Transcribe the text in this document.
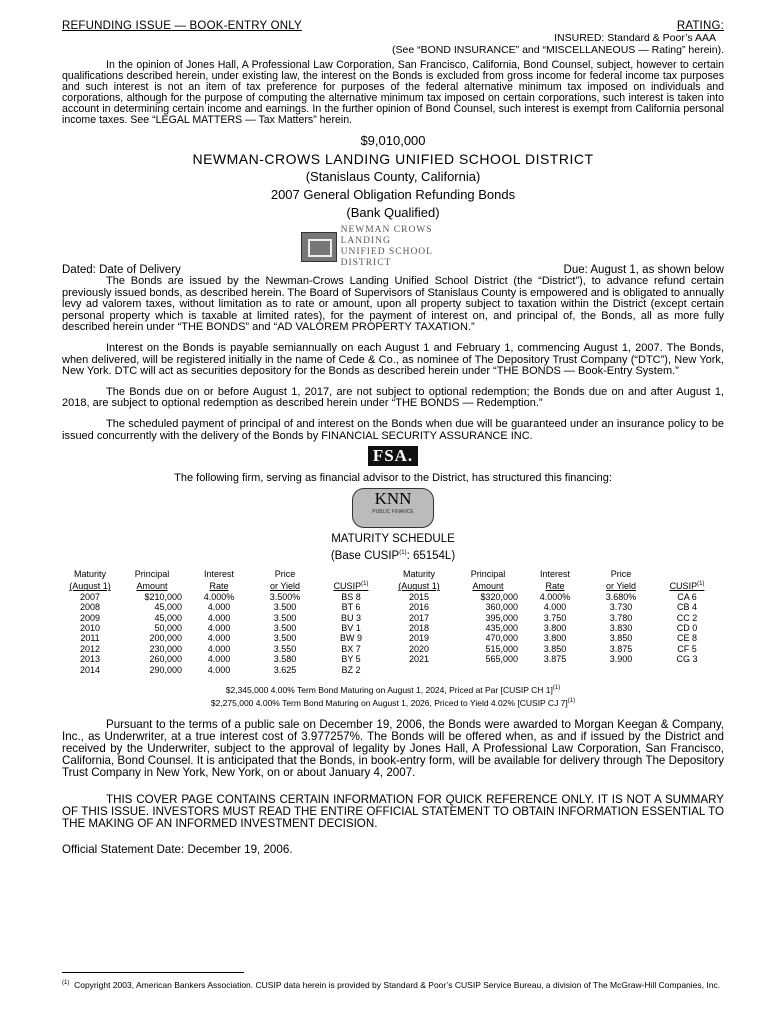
REFUNDING ISSUE — BOOK-ENTRY ONLY	RATING:
INSURED: Standard & Poor’s AAA
(See “BOND INSURANCE” and “MISCELLANEOUS — Rating” herein).

In the opinion of Jones Hall, A Professional Law Corporation, San Francisco, California, Bond Counsel, subject, however to certain qualifications described herein, under existing law, the interest on the Bonds is excluded from gross income for federal income tax purposes and such interest is not an item of tax preference for purposes of the federal alternative minimum tax imposed on individuals and corporations, although for the purpose of computing the alternative minimum tax imposed on certain corporations, such interest is taken into account in determining certain income and earnings. In the further opinion of Bond Counsel, such interest is exempt from California personal income taxes. See “LEGAL MATTERS — Tax Matters” herein.

$9,010,000
NEWMAN-CROWS LANDING UNIFIED SCHOOL DISTRICT
(Stanislaus County, California)
2007 General Obligation Refunding Bonds
(Bank Qualified)
NEWMAN CROWS LANDING
UNIFIED SCHOOL DISTRICT
Dated: Date of Delivery	Due: August 1, as shown below

The Bonds are issued by the Newman-Crows Landing Unified School District (the “District”), to advance refund certain previously issued bonds, as described herein. The Board of Supervisors of Stanislaus County is empowered and is obligated to annually levy ad valorem taxes, without limitation as to rate or amount, upon all property subject to taxation within the District (except certain personal property which is taxable at limited rates), for the payment of interest on, and principal of, the Bonds, all as more fully described herein under “THE BONDS” and “AD VALOREM PROPERTY TAXATION.”

Interest on the Bonds is payable semiannually on each August 1 and February 1, commencing August 1, 2007. The Bonds, when delivered, will be registered initially in the name of Cede & Co., as nominee of The Depository Trust Company (“DTC”), New York, New York. DTC will act as securities depository for the Bonds as described herein under “THE BONDS — Book-Entry System.”

The Bonds due on or before August 1, 2017, are not subject to optional redemption; the Bonds due on and after August 1, 2018, are subject to optional redemption as described herein under “THE BONDS — Redemption.”

The scheduled payment of principal of and interest on the Bonds when due will be guaranteed under an insurance policy to be issued concurrently with the delivery of the Bonds by FINANCIAL SECURITY ASSURANCE INC.

FSA.
The following firm, serving as financial advisor to the District, has structured this financing:
KNN
PUBLIC FINANCE
MATURITY SCHEDULE
(Base CUSIP$^{(1)}$: 65154L)
Maturity	Principal	Interest	Price		Maturity	Principal	Interest	Price	
(August 1)	Amount	Rate	or Yield	CUSIP$^{(1)}$	(August 1)	Amount	Rate	or Yield	CUSIP$^{(1)}$
2007	$210,000	4.000%	3.500%	BS 8	2015	$320,000	4.000%	3.680%	CA 6
2008	45,000	4.000	3.500	BT 6	2016	360,000	4.000	3.730	CB 4
2009	45,000	4.000	3.500	BU 3	2017	395,000	3.750	3.780	CC 2
2010	50,000	4.000	3.500	BV 1	2018	435,000	3.800	3.830	CD 0
2011	200,000	4.000	3.500	BW 9	2019	470,000	3.800	3.850	CE 8
2012	230,000	4.000	3.550	BX 7	2020	515,000	3.850	3.875	CF 5
2013	260,000	4.000	3.580	BY 5	2021	565,000	3.875	3.900	CG 3
2014	290,000	4.000	3.625	BZ 2					
$2,345,000 4.00% Term Bond Maturing on August 1, 2024, Priced at Par [CUSIP CH 1]$^{(1)}$
$2,275,000 4.00% Term Bond Maturing on August 1, 2026, Priced to Yield 4.02% [CUSIP CJ 7]$^{(1)}$

Pursuant to the terms of a public sale on December 19, 2006, the Bonds were awarded to Morgan Keegan & Company, Inc., as Underwriter, at a true interest cost of 3.977257%. The Bonds will be offered when, as and if issued by the District and received by the Underwriter, subject to the approval of legality by Jones Hall, A Professional Law Corporation, San Francisco, California, Bond Counsel. It is anticipated that the Bonds, in book-entry form, will be available for delivery through The Depository Trust Company in New York, New York, on or about January 4, 2007.

THIS COVER PAGE CONTAINS CERTAIN INFORMATION FOR QUICK REFERENCE ONLY. IT IS NOT A SUMMARY OF THIS ISSUE. INVESTORS MUST READ THE ENTIRE OFFICIAL STATEMENT TO OBTAIN INFORMATION ESSENTIAL TO THE MAKING OF AN INFORMED INVESTMENT DECISION.

Official Statement Date: December 19, 2006.

$^{(1)}$ Copyright 2003, American Bankers Association. CUSIP data herein is provided by Standard & Poor’s CUSIP Service Bureau, a division of The McGraw-Hill Companies, Inc.
